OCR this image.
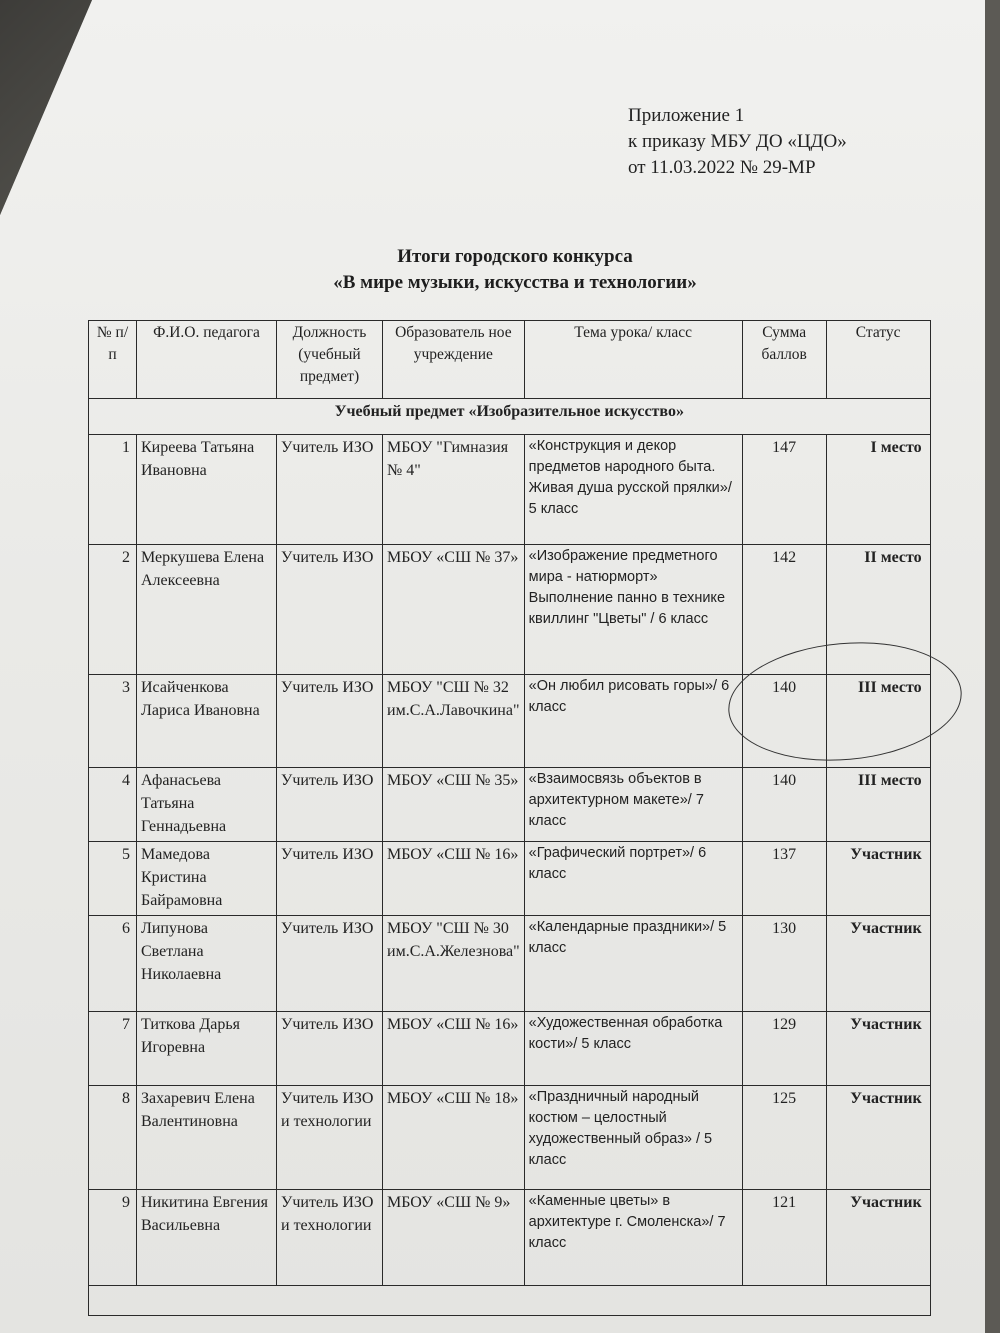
Приложение 1
к приказу МБУ ДО «ЦДО»
от 11.03.2022 № 29-МР
Итоги городского конкурса
«В мире музыки, искусства и технологии»
№ п/п	Ф.И.О. педагога	Должность (учебный предмет)	Образователь ное учреждение	Тема урока/ класс	Сумма баллов	Статус
Учебный предмет «Изобразительное искусство»						
1	Киреева Татьяна Ивановна	Учитель ИЗО	МБОУ "Гимназия № 4"	«Конструкция и декор предметов народного быта. Живая душа русской прялки»/ 5 класс	147	I место
2	Меркушева Елена Алексеевна	Учитель ИЗО	МБОУ «СШ № 37»	«Изображение предметного мира - натюрморт» Выполнение панно в технике квиллинг "Цветы" / 6 класс	142	II место
3	Исайченкова Лариса Ивановна	Учитель ИЗО	МБОУ "СШ № 32 им.С.А.Лавочкина"	«Он любил рисовать горы»/ 6 класс	140	III место
4	Афанасьева Татьяна Геннадьевна	Учитель ИЗО	МБОУ «СШ № 35»	«Взаимосвязь объектов в архитектурном макете»/ 7 класс	140	III место
5	Мамедова Кристина Байрамовна	Учитель ИЗО	МБОУ «СШ № 16»	«Графический портрет»/ 6 класс	137	Участник
6	Липунова Светлана Николаевна	Учитель ИЗО	МБОУ "СШ № 30 им.С.А.Железнова"	«Календарные праздники»/ 5 класс	130	Участник
7	Титкова Дарья Игоревна	Учитель ИЗО	МБОУ «СШ № 16»	«Художественная обработка кости»/ 5 класс	129	Участник
8	Захаревич Елена Валентиновна	Учитель ИЗО и технологии	МБОУ «СШ № 18»	«Праздничный народный костюм – целостный художественный образ» / 5 класс	125	Участник
9	Никитина Евгения Васильевна	Учитель ИЗО и технологии	МБОУ «СШ № 9»	«Каменные цветы» в архитектуре г. Смоленска»/ 7 класс	121	Участник
